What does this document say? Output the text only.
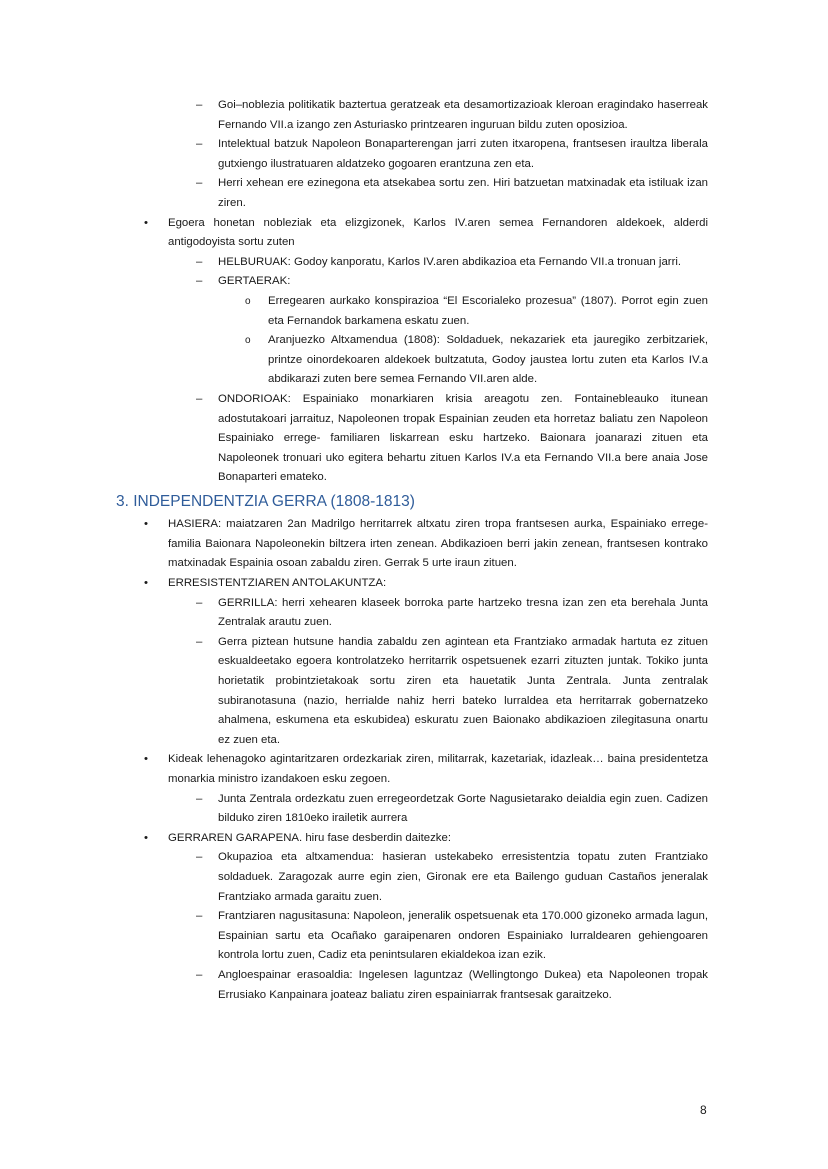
– Goi–noblezia politikatik baztertua geratzeak eta desamortizazioak kleroan eragindako haserreak Fernando VII.a izango zen Asturiasko printzearen inguruan bildu zuten oposizioa.
– Intelektual batzuk Napoleon Bonaparterengan jarri zuten itxaropena, frantsesen iraultza liberala gutxiengo ilustratuaren aldatzeko gogoaren erantzuna zen eta.
– Herri xehean ere ezinegona eta atsekabea sortu zen. Hiri batzuetan matxinadak eta istiluak izan ziren.
• Egoera honetan nobleziak eta elizgizonek, Karlos IV.aren semea Fernandoren aldekoek, alderdi antigodoyista sortu zuten
– HELBURUAK: Godoy kanporatu, Karlos IV.aren abdikazioa eta Fernando VII.a tronuan jarri.
– GERTAERAK:
o Erregearen aurkako konspirazioa “El Escorialeko prozesua” (1807). Porrot egin zuen eta Fernandok barkamena eskatu zuen.
o Aranjuezko Altxamendua (1808): Soldaduek, nekazariek eta jauregiko zerbitzariek, printze oinordekoaren aldekoek bultzatuta, Godoy jaustea lortu zuten eta Karlos IV.a abdikarazi zuten bere semea Fernando VII.aren alde.
– ONDORIOAK: Espainiako monarkiaren krisia areagotu zen. Fontainebleauko itunean adostutakoari jarraituz, Napoleonen tropak Espainian zeuden eta horretaz baliatu zen Napoleon Espainiako errege- familiaren liskarrean esku hartzeko. Baionara joanarazi zituen eta Napoleonek tronuari uko egitera behartu zituen Karlos IV.a eta Fernando VII.a bere anaia Jose Bonaparteri emateko.
3. INDEPENDENTZIA GERRA (1808-1813)
• HASIERA: maiatzaren 2an Madrilgo herritarrek altxatu ziren tropa frantsesen aurka, Espainiako errege-familia Baionara Napoleonekin biltzera irten zenean. Abdikazioen berri jakin zenean, frantsesen kontrako matxinadak Espainia osoan zabaldu ziren. Gerrak 5 urte iraun zituen.
• ERRESISTENTZIAREN ANTOLAKUNTZA:
– GERRILLA: herri xehearen klaseek borroka parte hartzeko tresna izan zen eta berehala Junta Zentralak arautu zuen.
– Gerra piztean hutsune handia zabaldu zen agintean eta Frantziako armadak hartuta ez zituen eskualdeetako egoera kontrolatzeko herritarrik ospetsuenek ezarri zituzten juntak. Tokiko junta horietatik probintzietakoak sortu ziren eta hauetatik Junta Zentrala. Junta zentralak subiranotasuna (nazio, herrialde nahiz herri bateko lurraldea eta herritarrak gobernatzeko ahalmena, eskumena eta eskubidea) eskuratu zuen Baionako abdikazioen zilegitasuna onartu ez zuen eta.
• Kideak lehenagoko agintaritzaren ordezkariak ziren, militarrak, kazetariak, idazleak… baina presidentetza monarkia ministro izandakoen esku zegoen.
– Junta Zentrala ordezkatu zuen erregeordetzak Gorte Nagusietarako deialdia egin zuen. Cadizen bilduko ziren 1810eko irailetik aurrera
• GERRAREN GARAPENA. hiru fase desberdin daitezke:
– Okupazioa eta altxamendua: hasieran ustekabeko erresistentzia topatu zuten Frantziako soldaduek. Zaragozak aurre egin zien, Gironak ere eta Bailengo guduan Castaños jeneralak Frantziako armada garaitu zuen.
– Frantziaren nagusitasuna: Napoleon, jeneralik ospetsuenak eta 170.000 gizoneko armada lagun, Espainian sartu eta Ocañako garaipenaren ondoren Espainiako lurraldearen gehiengoaren kontrola lortu zuen, Cadiz eta penintsularen ekialdekoa izan ezik.
– Angloespainar erasoaldia: Ingelesen laguntzaz (Wellingtongo Dukea) eta Napoleonen tropak Errusiako Kanpainara joateaz baliatu ziren espainiarrak frantsesak garaitzeko.
8
